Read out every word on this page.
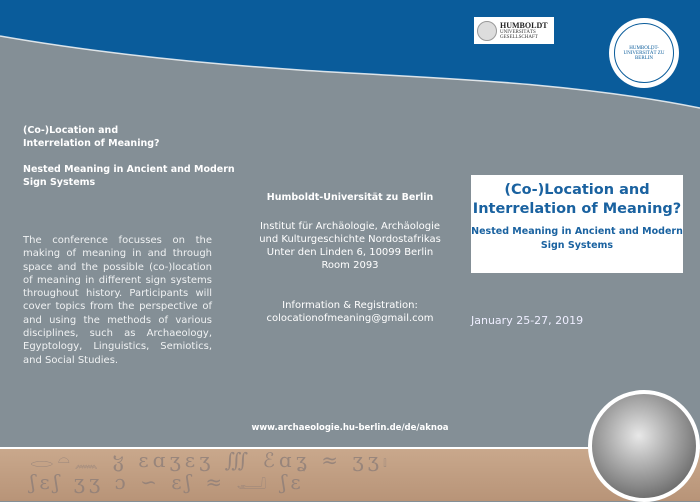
HUMBOLDT
UNIVERSITÄTS
GESELLSCHAFT
HUMBOLDT-UNIVERSITÄT ZU BERLIN
(Co-)Location and
Interrelation of Meaning?
Nested Meaning in Ancient and Modern
Sign Systems
The conference focusses on the making of meaning in and through space and the possible (co-)location of meaning in different sign systems throughout history. Participants will cover topics from the perspective of and using the methods of various disciplines, such as Archaeology, Egyptology, Linguistics, Semiotics, and Social Studies.
Humboldt-Universität zu Berlin
Institut für Archäologie, Archäologie
und Kulturgeschichte Nordostafrikas
Unter den Linden 6, 10099 Berlin
Room 2093
Information & Registration:
colocationofmeaning@gmail.com
(Co-)Location and
Interrelation of Meaning?
Nested Meaning in Ancient and Modern
Sign Systems
January 25-27, 2019
www.archaeologie.hu-berlin.de/de/aknoa
𓂋𓏏𓈖 ჳ ɛɑʒɛʒ ∭ ℰɑʓ ≈ ʒʒ𓏤
ʃɛʃ ʒʒ ɔ ∽ ɛʃ ≈ 𓂝 ʃɛ
